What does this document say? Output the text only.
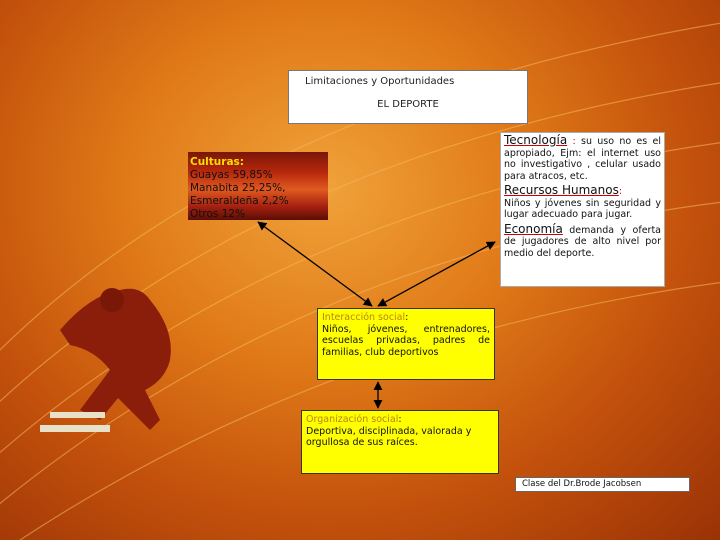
Limitaciones y Oportunidades
EL DEPORTE
Culturas:
Guayas 59,85%
Manabita 25,25%,
Esmeraldeña 2,2%
Otros 12%

Tecnología : su uso no es el apropiado, Ejm: el internet uso no investigativo , celular usado para atracos, etc.

Recursos Humanos:
Niños y jóvenes sin seguridad y lugar adecuado para jugar.

Economía demanda y oferta de jugadores de alto nivel por medio del deporte.

Interacción social:
Niños, jóvenes, entrenadores, escuelas privadas, padres de familias, club deportivos
Organización social:
Deportiva, disciplinada, valorada y orgullosa de sus raíces.
Clase del Dr.Brode Jacobsen
